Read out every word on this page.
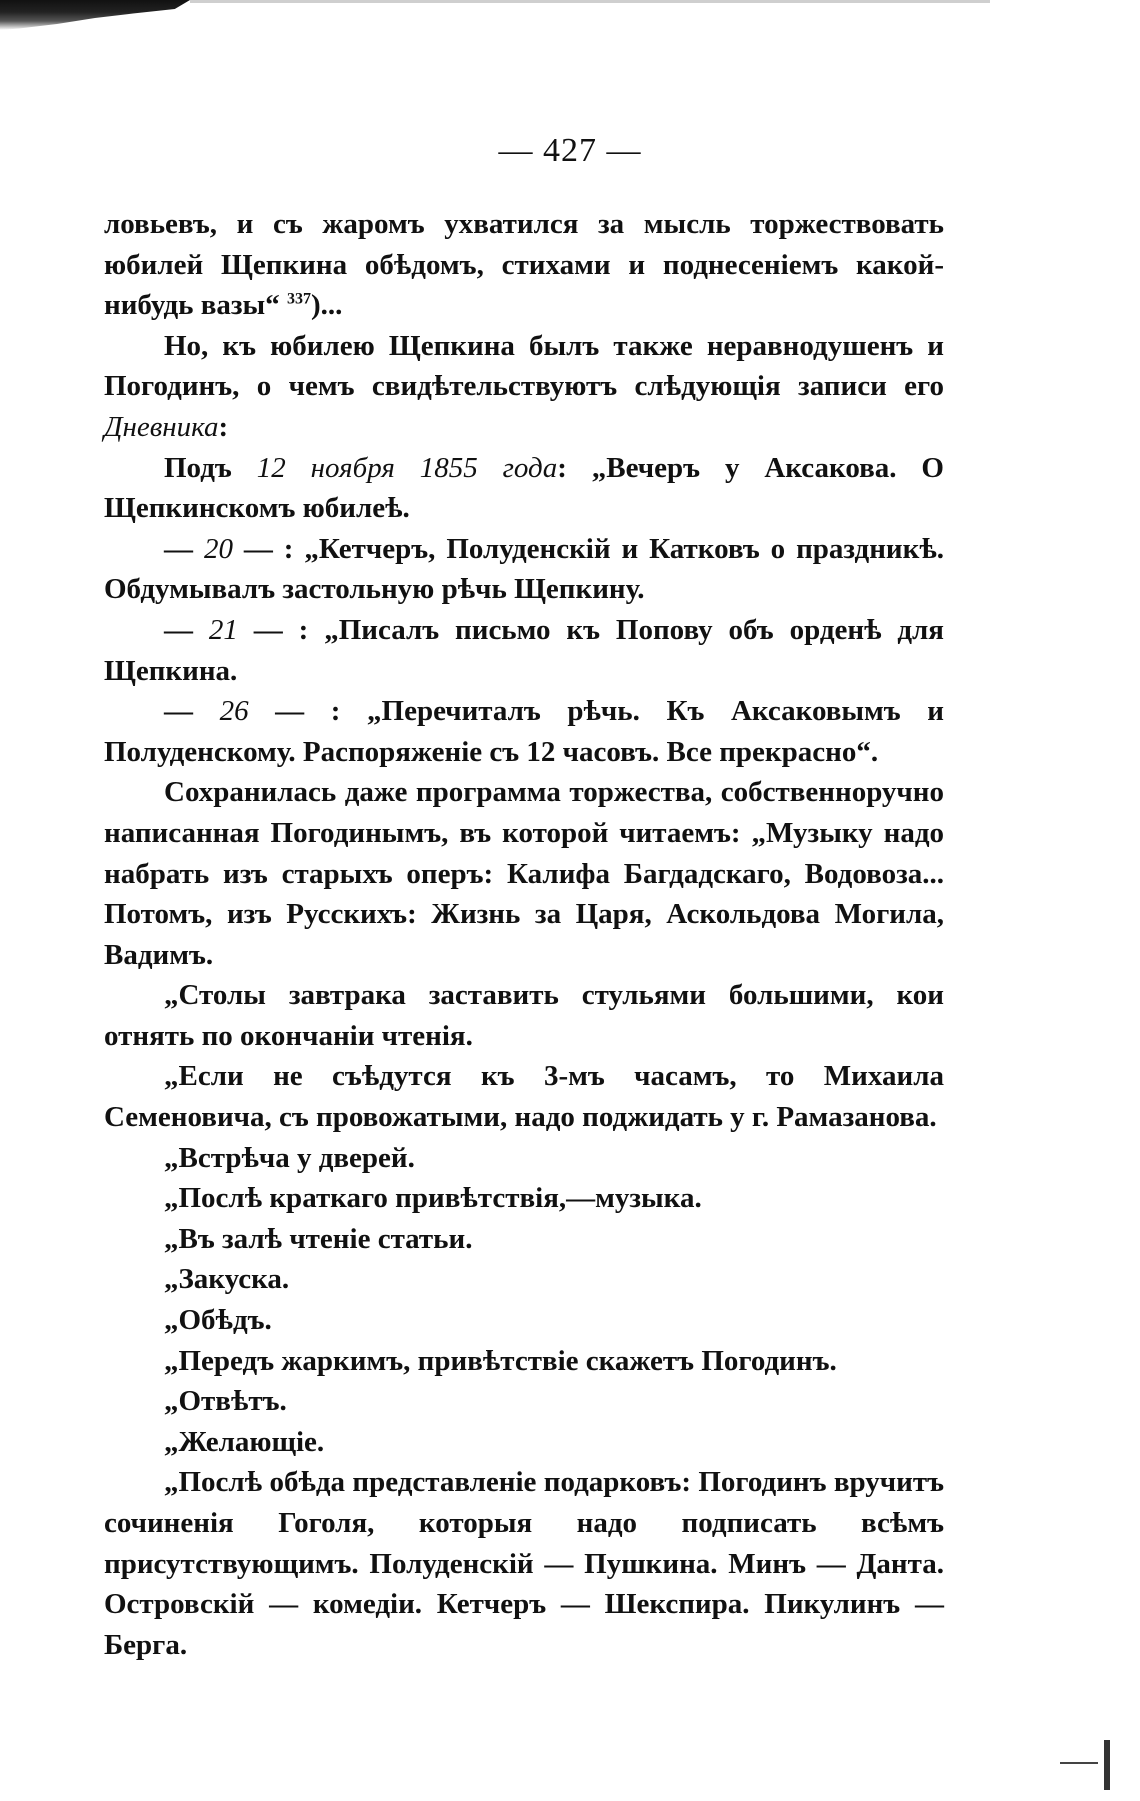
— 427 —

ловьевъ, и съ жаромъ ухватился за мысль торжествовать юбилей Щепкина обѣдомъ, стихами и поднесеніемъ какой-нибудь вазы“ $^{337}$)...

Но, къ юбилею Щепкина былъ также неравнодушенъ и Погодинъ, о чемъ свидѣтельствуютъ слѣдующія записи его Дневника:

Подъ 12 ноября 1855 года: „Вечеръ у Аксакова. О Щепкинскомъ юбилеѣ.

— 20 — : „Кетчеръ, Полуденскій и Катковъ о праздникѣ. Обдумывалъ застольную рѣчь Щепкину.

— 21 — : „Писалъ письмо къ Попову объ орденѣ для Щепкина.

— 26 — : „Перечиталъ рѣчь. Къ Аксаковымъ и Полуденскому. Распоряженіе съ 12 часовъ. Все прекрасно“.

Сохранилась даже программа торжества, собственноручно написанная Погодинымъ, въ которой читаемъ: „Музыку надо набрать изъ старыхъ оперъ: Калифа Багдадскаго, Водовоза... Потомъ, изъ Русскихъ: Жизнь за Царя, Аскольдова Могила, Вадимъ.

„Столы завтрака заставить стульями большими, кои отнять по окончаніи чтенія.

„Если не съѣдутся къ 3-мъ часамъ, то Михаила Семеновича, съ провожатыми, надо поджидать у г. Рамазанова.

„Встрѣча у дверей.

„Послѣ краткаго привѣтствія,—музыка.

„Въ залѣ чтеніе статьи.

„Закуска.

„Обѣдъ.

„Передъ жаркимъ, привѣтствіе скажетъ Погодинъ.

„Отвѣтъ.

„Желающіе.

„Послѣ обѣда представленіе подарковъ: Погодинъ вручитъ сочиненія Гоголя, которыя надо подписать всѣмъ присутствующимъ. Полуденскій — Пушкина. Минъ — Данта. Островскій — комедіи. Кетчеръ — Шекспира. Пикулинъ — Берга.
